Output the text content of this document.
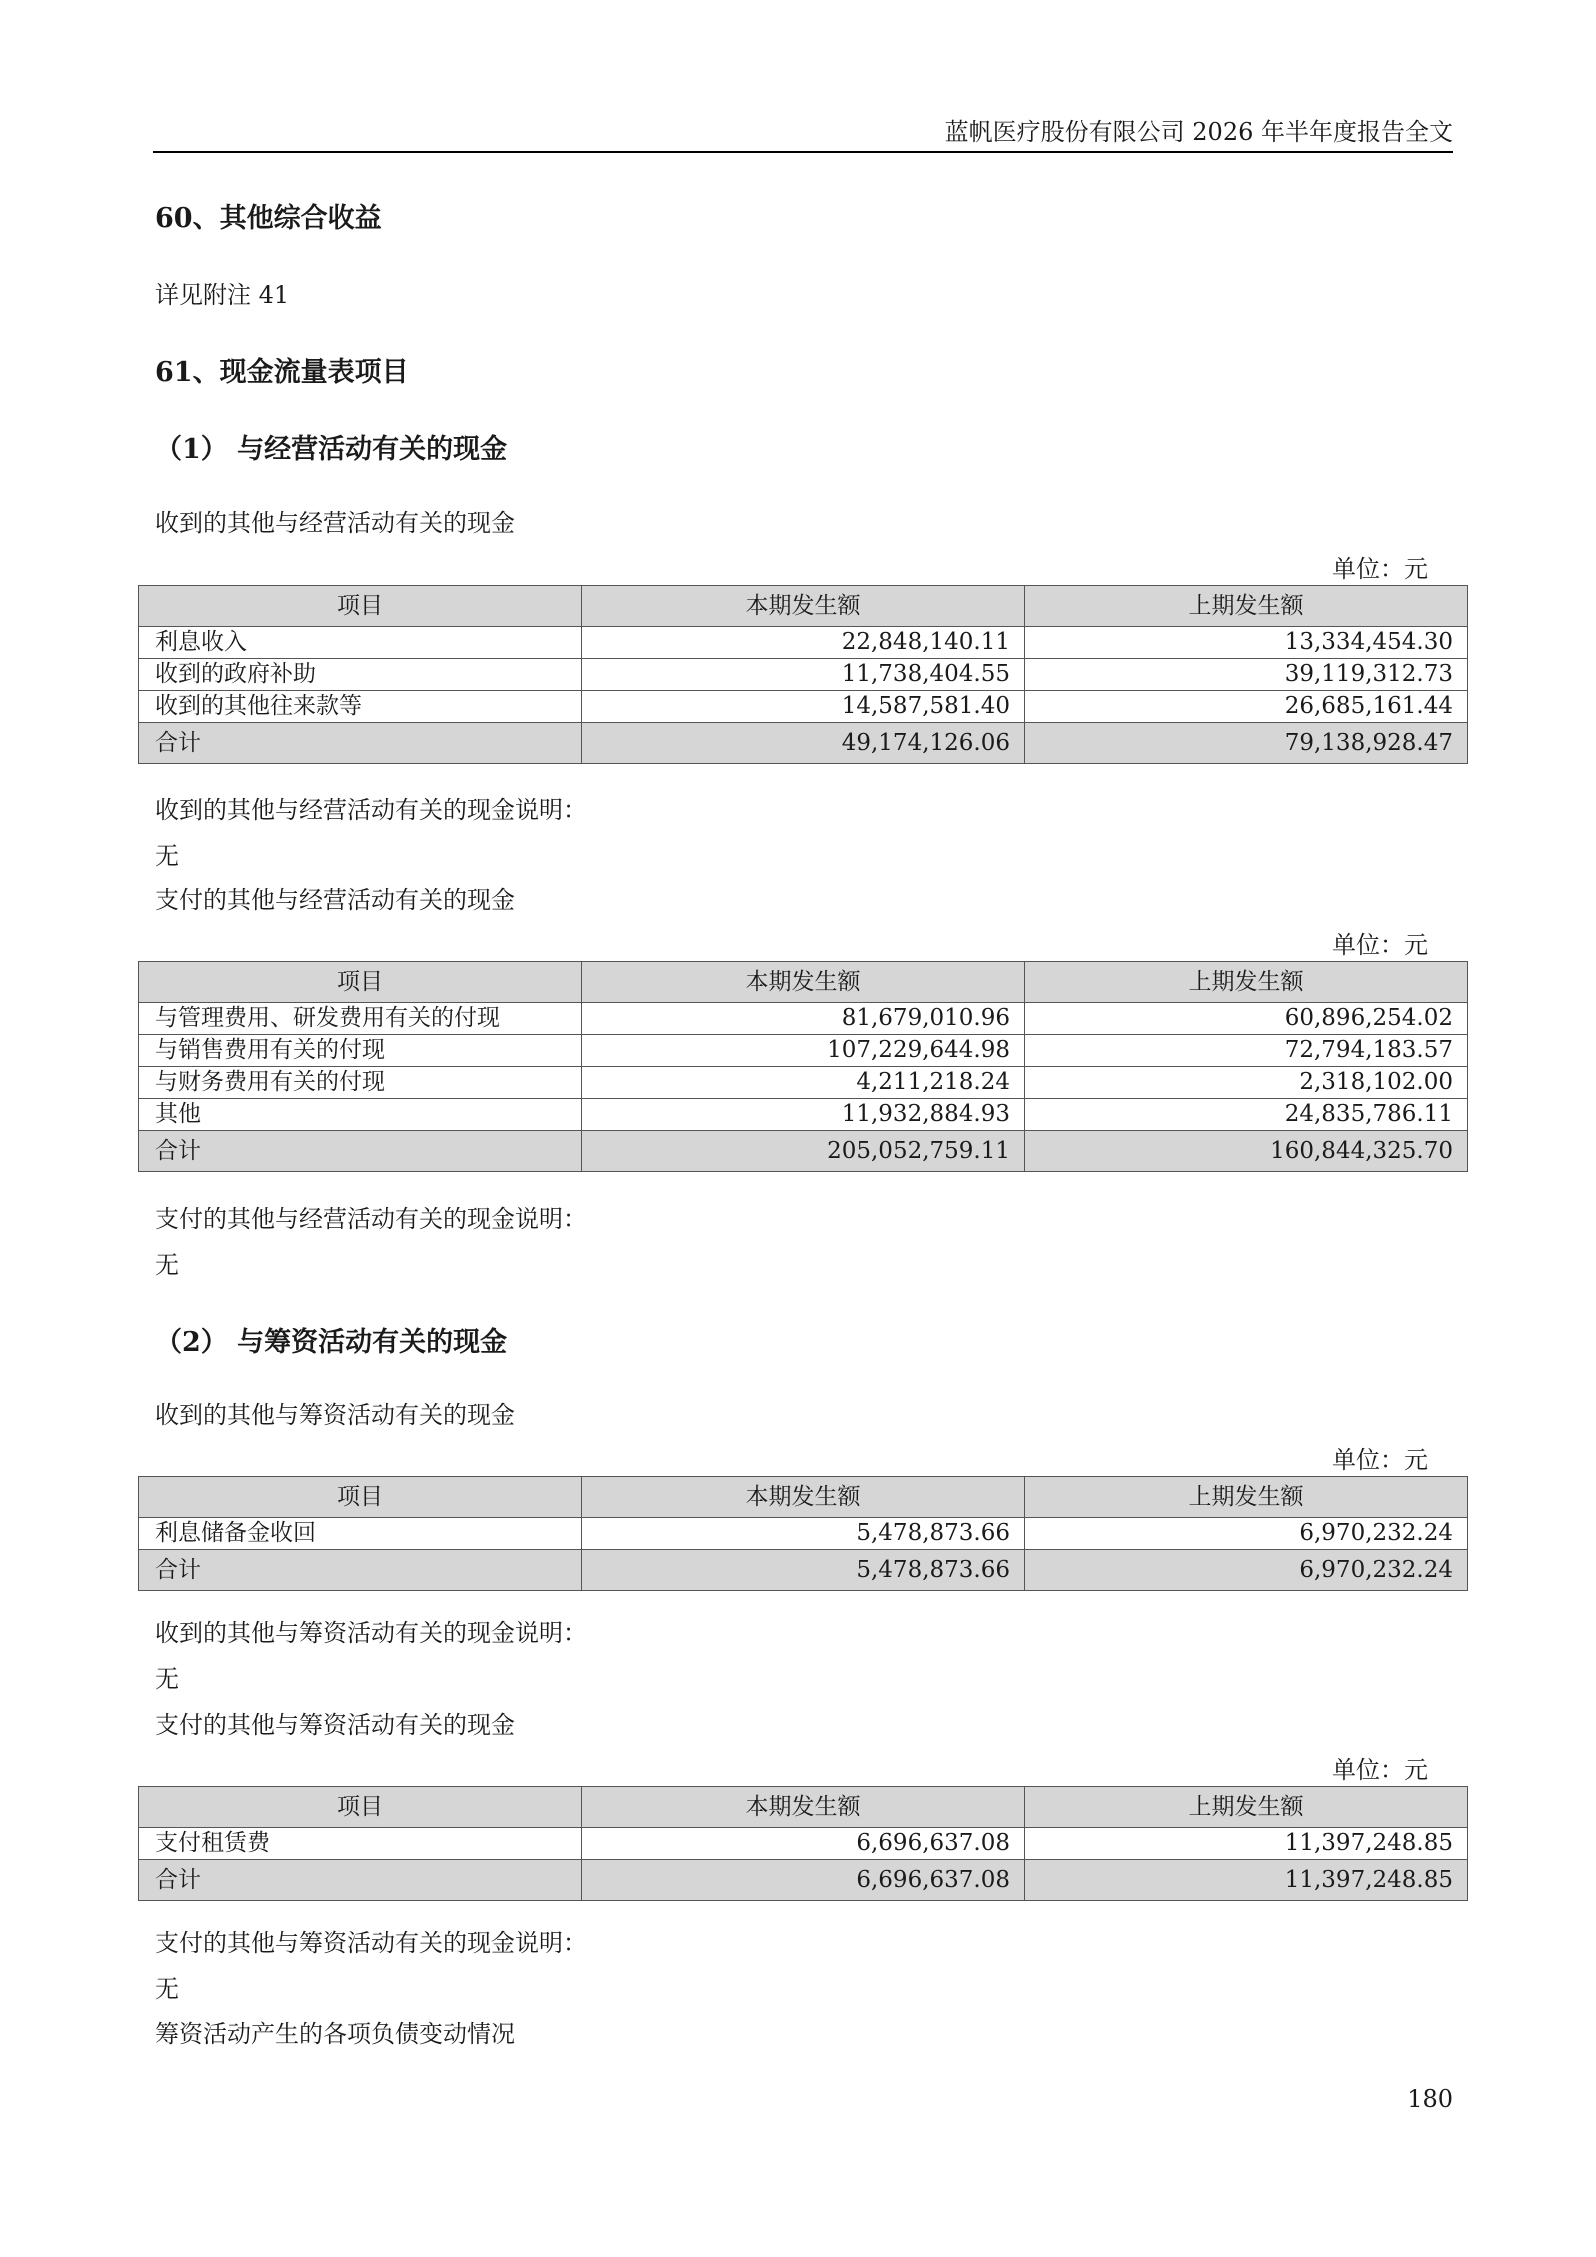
蓝帆医疗股份有限公司 2026 年半年度报告全文
60、其他综合收益
详见附注 41
61、现金流量表项目
（1） 与经营活动有关的现金
收到的其他与经营活动有关的现金
单位：元
项目	本期发生额	上期发生额
利息收入	22,848,140.11	13,334,454.30
收到的政府补助	11,738,404.55	39,119,312.73
收到的其他往来款等	14,587,581.40	26,685,161.44
合计	49,174,126.06	79,138,928.47
收到的其他与经营活动有关的现金说明：
无
支付的其他与经营活动有关的现金
单位：元
项目	本期发生额	上期发生额
与管理费用、研发费用有关的付现	81,679,010.96	60,896,254.02
与销售费用有关的付现	107,229,644.98	72,794,183.57
与财务费用有关的付现	4,211,218.24	2,318,102.00
其他	11,932,884.93	24,835,786.11
合计	205,052,759.11	160,844,325.70
支付的其他与经营活动有关的现金说明：
无
（2） 与筹资活动有关的现金
收到的其他与筹资活动有关的现金
单位：元
项目	本期发生额	上期发生额
利息储备金收回	5,478,873.66	6,970,232.24
合计	5,478,873.66	6,970,232.24
收到的其他与筹资活动有关的现金说明：
无
支付的其他与筹资活动有关的现金
单位：元
项目	本期发生额	上期发生额
支付租赁费	6,696,637.08	11,397,248.85
合计	6,696,637.08	11,397,248.85
支付的其他与筹资活动有关的现金说明：
无
筹资活动产生的各项负债变动情况
180
